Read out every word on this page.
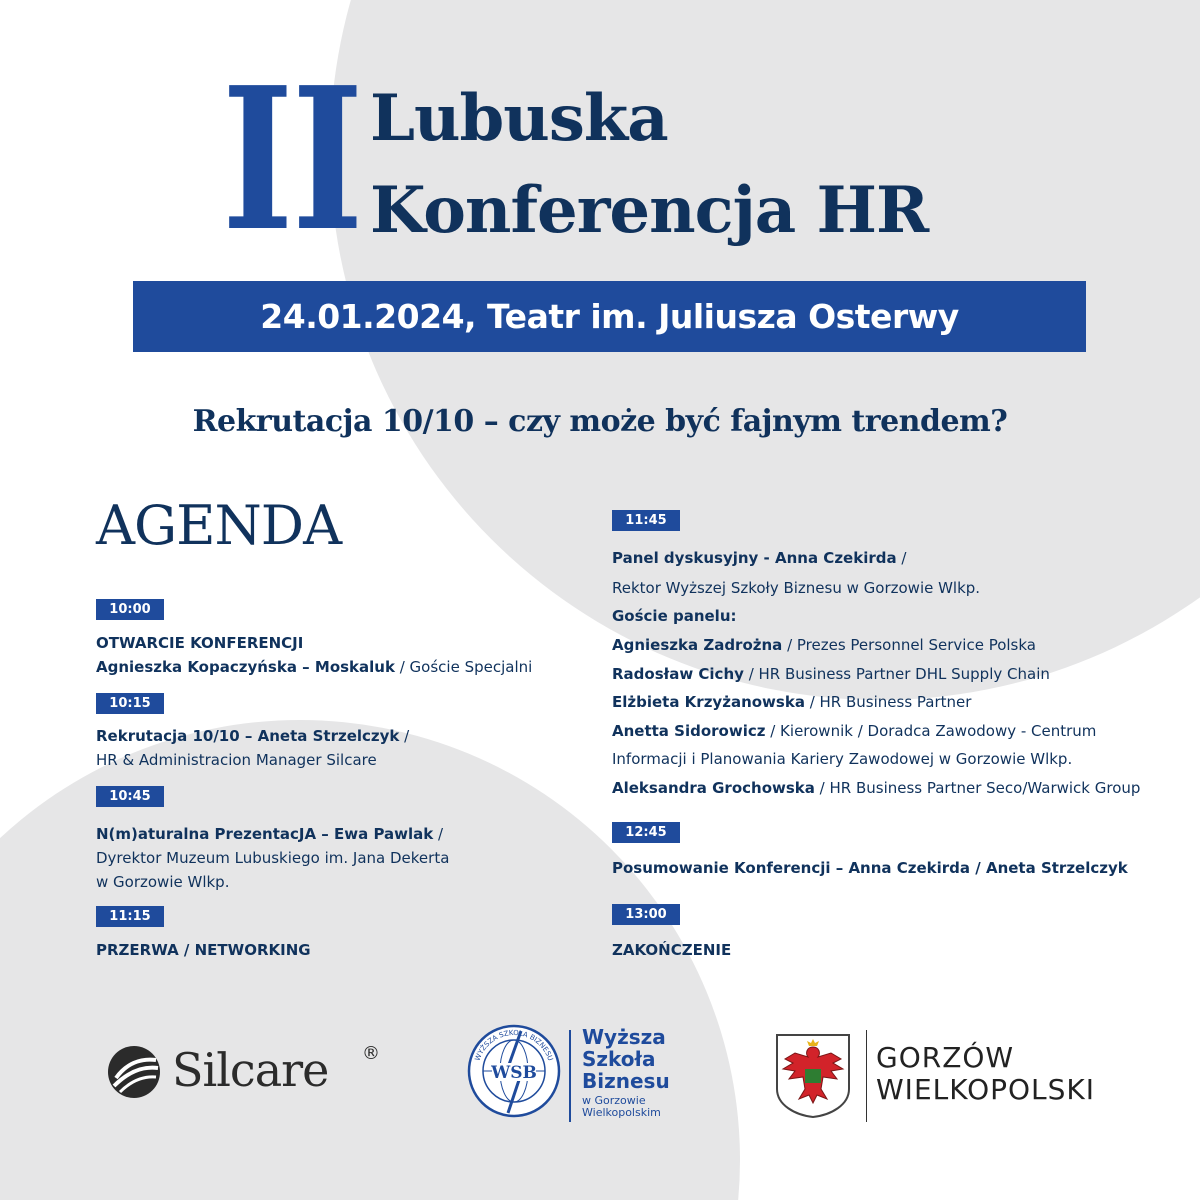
II Lubuska
Konferencja HR
24.01.2024, Teatr im. Juliusza Osterwy
Rekrutacja 10/10 – czy może być fajnym trendem?
AGENDA
10:00
OTWARCIE KONFERENCJI
Agnieszka Kopaczyńska – Moskaluk / Goście Specjalni
10:15
Rekrutacja 10/10 – Aneta Strzelczyk /
HR & Administracion Manager Silcare
10:45
N(m)aturalna PrezentacJA – Ewa Pawlak /
Dyrektor Muzeum Lubuskiego im. Jana Dekerta
w Gorzowie Wlkp.
11:15
PRZERWA / NETWORKING
11:45
Panel dyskusyjny - Anna Czekirda /
Rektor Wyższej Szkoły Biznesu w Gorzowie Wlkp.
Goście panelu:
Agnieszka Zadrożna / Prezes Personnel Service Polska
Radosław Cichy / HR Business Partner DHL Supply Chain
Elżbieta Krzyżanowska / HR Business Partner
Anetta Sidorowicz / Kierownik / Doradca Zawodowy - Centrum
Informacji i Planowania Kariery Zawodowej w Gorzowie Wlkp.
Aleksandra Grochowska / HR Business Partner Seco/Warwick Group
12:45
Posumowanie Konferencji – Anna Czekirda / Aneta Strzelczyk
13:00
ZAKOŃCZENIE
Silcare ®	WYŻSZA SZKOŁA BIZNESU
WSB
Wyższa
Szkoła
Biznesu
w Gorzowie
Wielkopolskim
GORZÓW
WIELKOPOLSKI
